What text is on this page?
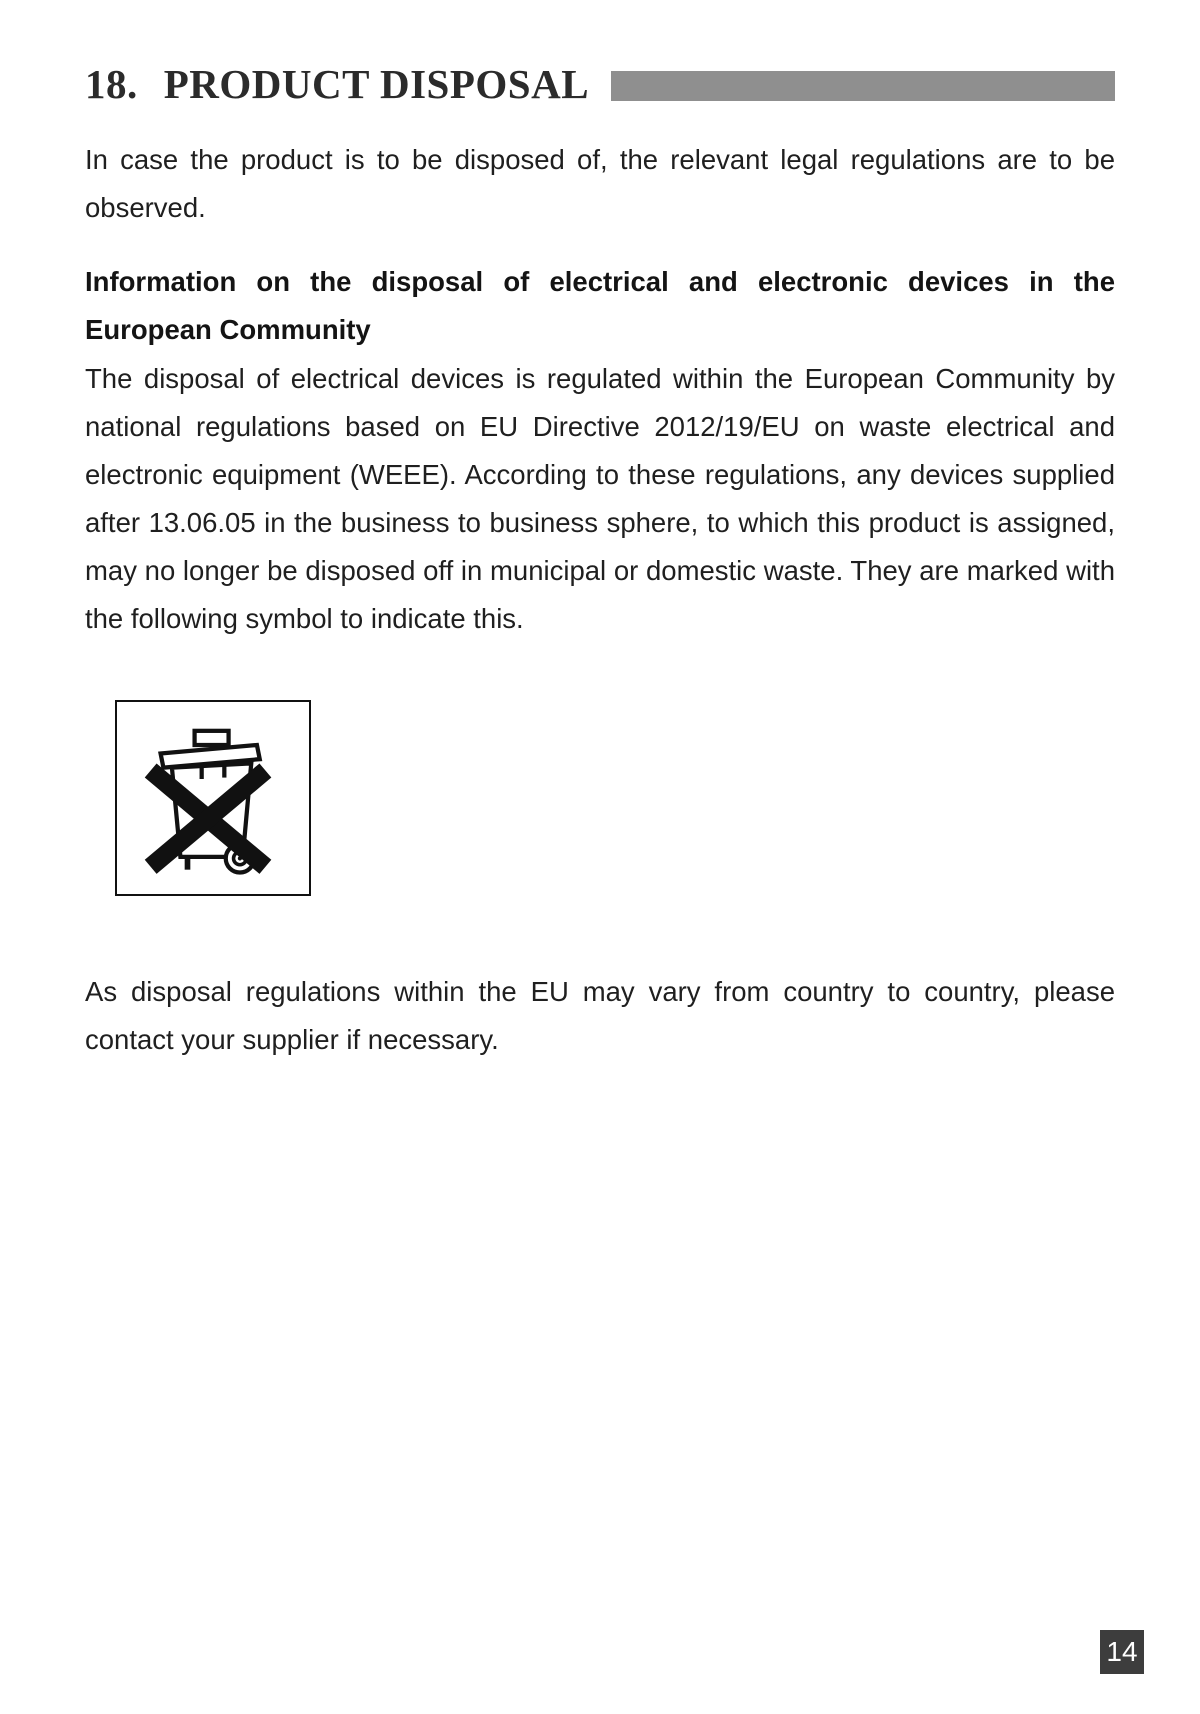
18. PRODUCT DISPOSAL

In case the product is to be disposed of, the relevant legal regulations are to be observed.

Information on the disposal of electrical and electronic devices in the European Community

The disposal of electrical devices is regulated within the European Community by national regulations based on EU Directive 2012/19/EU on waste electrical and electronic equipment (WEEE). According to these regulations, any devices supplied after 13.06.05 in the business to business sphere, to which this product is assigned, may no longer be disposed off in municipal or domestic waste. They are marked with the following symbol to indicate this.

As disposal regulations within the EU may vary from country to country, please contact your supplier if necessary.

14
